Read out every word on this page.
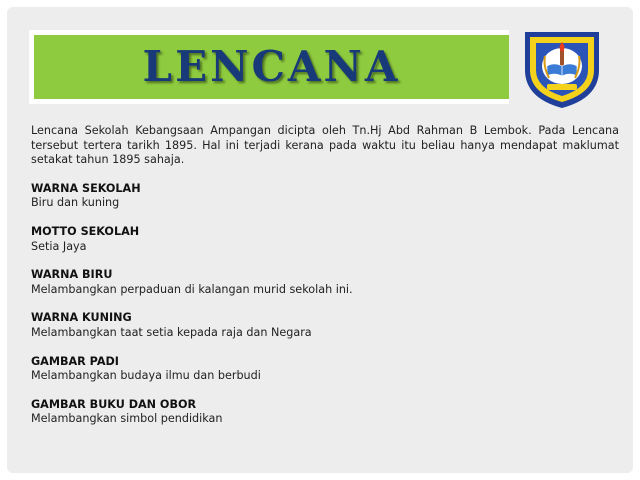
LENCANA

Lencana Sekolah Kebangsaan Ampangan dicipta oleh Tn.Hj Abd Rahman B Lembok. Pada Lencana tersebut tertera tarikh 1895. Hal ini terjadi kerana pada waktu itu beliau hanya mendapat maklumat setakat tahun 1895 sahaja.

WARNA SEKOLAH
Biru dan kuning
MOTTO SEKOLAH
Setia Jaya
WARNA BIRU
Melambangkan perpaduan di kalangan murid sekolah ini.
WARNA KUNING
Melambangkan taat setia kepada raja dan Negara
GAMBAR PADI
Melambangkan budaya ilmu dan berbudi
GAMBAR BUKU DAN OBOR
Melambangkan simbol pendidikan
